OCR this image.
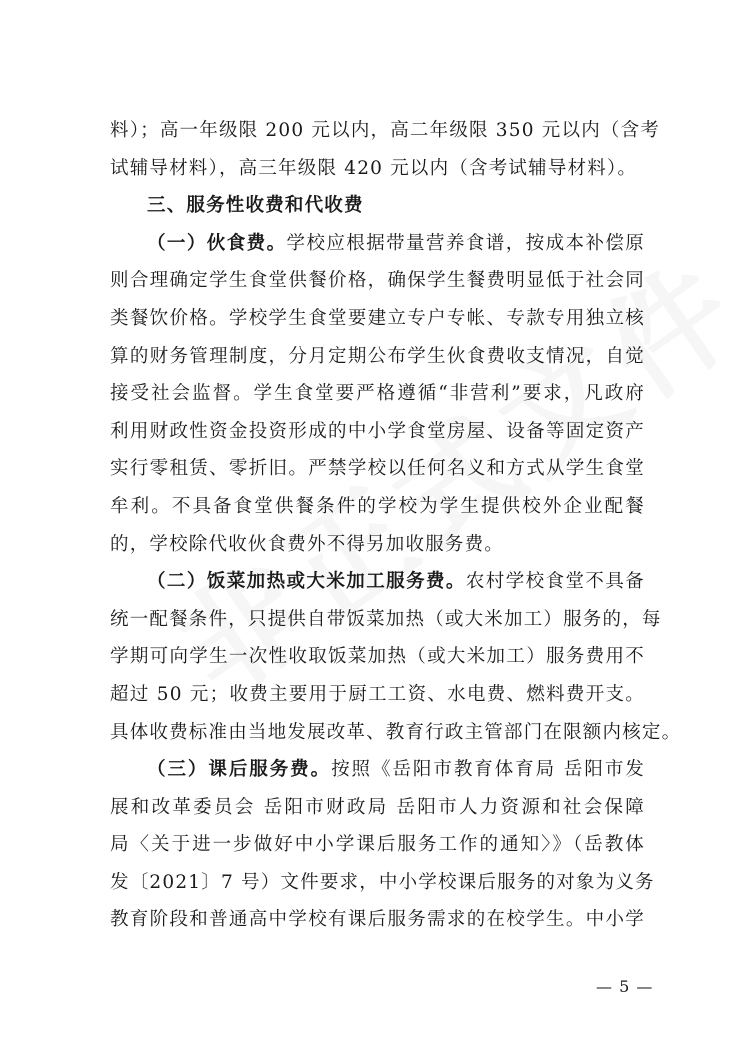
料）；高一年级限 200 元以内，高二年级限 350 元以内（含考
试辅导材料），高三年级限 420 元以内（含考试辅导材料）。
三、服务性收费和代收费
（一）伙食费。学校应根据带量营养食谱，按成本补偿原
则合理确定学生食堂供餐价格，确保学生餐费明显低于社会同
类餐饮价格。学校学生食堂要建立专户专帐、专款专用独立核
算的财务管理制度，分月定期公布学生伙食费收支情况，自觉
接受社会监督。学生食堂要严格遵循“非营利”要求，凡政府
利用财政性资金投资形成的中小学食堂房屋、设备等固定资产
实行零租赁、零折旧。严禁学校以任何名义和方式从学生食堂
牟利。不具备食堂供餐条件的学校为学生提供校外企业配餐
的，学校除代收伙食费外不得另加收服务费。
（二）饭菜加热或大米加工服务费。农村学校食堂不具备
统一配餐条件，只提供自带饭菜加热（或大米加工）服务的，每
学期可向学生一次性收取饭菜加热（或大米加工）服务费用不
超过 50 元；收费主要用于厨工工资、水电费、燃料费开支。
具体收费标准由当地发展改革、教育行政主管部门在限额内核定。
（三）课后服务费。按照《岳阳市教育体育局 岳阳市发
展和改革委员会 岳阳市财政局 岳阳市人力资源和社会保障
局〈关于进一步做好中小学课后服务工作的通知〉》（岳教体
发〔2021〕7 号）文件要求，中小学校课后服务的对象为义务
教育阶段和普通高中学校有课后服务需求的在校学生。中小学
— 5 —
